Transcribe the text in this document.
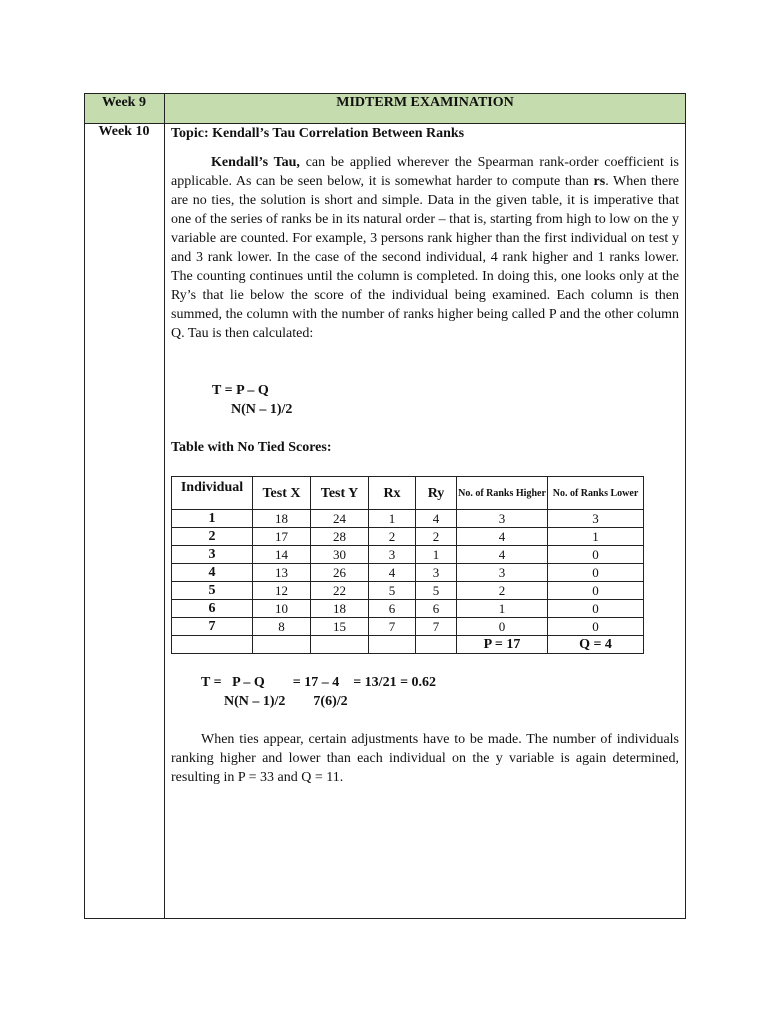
Week 9	MIDTERM EXAMINATION
Week 10	Topic: Kendall’s Tau Correlation Between Ranks

Kendall’s Tau, can be applied wherever the Spearman rank-order coefficient is applicable. As can be seen below, it is somewhat harder to compute than rs. When there are no ties, the solution is short and simple. Data in the given table, it is imperative that one of the series of ranks be in its natural order – that is, starting from high to low on the y variable are counted. For example, 3 persons rank higher than the first individual on test y and 3 rank lower. In the case of the second individual, 4 rank higher and 1 ranks lower. The counting continues until the column is completed. In doing this, one looks only at the Ry’s that lie below the score of the individual being examined. Each column is then summed, the column with the number of ranks higher being called P and the other column Q. Tau is then calculated:

T = P – Q
N(N – 1)/2
Table with No Tied Scores:
Individual	Test X	Test Y	Rx	Ry	No. of Ranks Higher	No. of Ranks Lower
1	18	24	1	4	3	3
2	17	28	2	2	4	1
3	14	30	3	1	4	0
4	13	26	4	3	3	0
5	12	22	5	5	2	0
6	10	18	6	6	1	0
7	8	15	7	7	0	0
					P = 17	Q = 4
T =   P – Q        = 17 – 4    = 13/21 = 0.62
N(N – 1)/2        7(6)/2

When ties appear, certain adjustments have to be made. The number of individuals ranking higher and lower than each individual on the y variable is again determined, resulting in P = 33 and Q = 11.
